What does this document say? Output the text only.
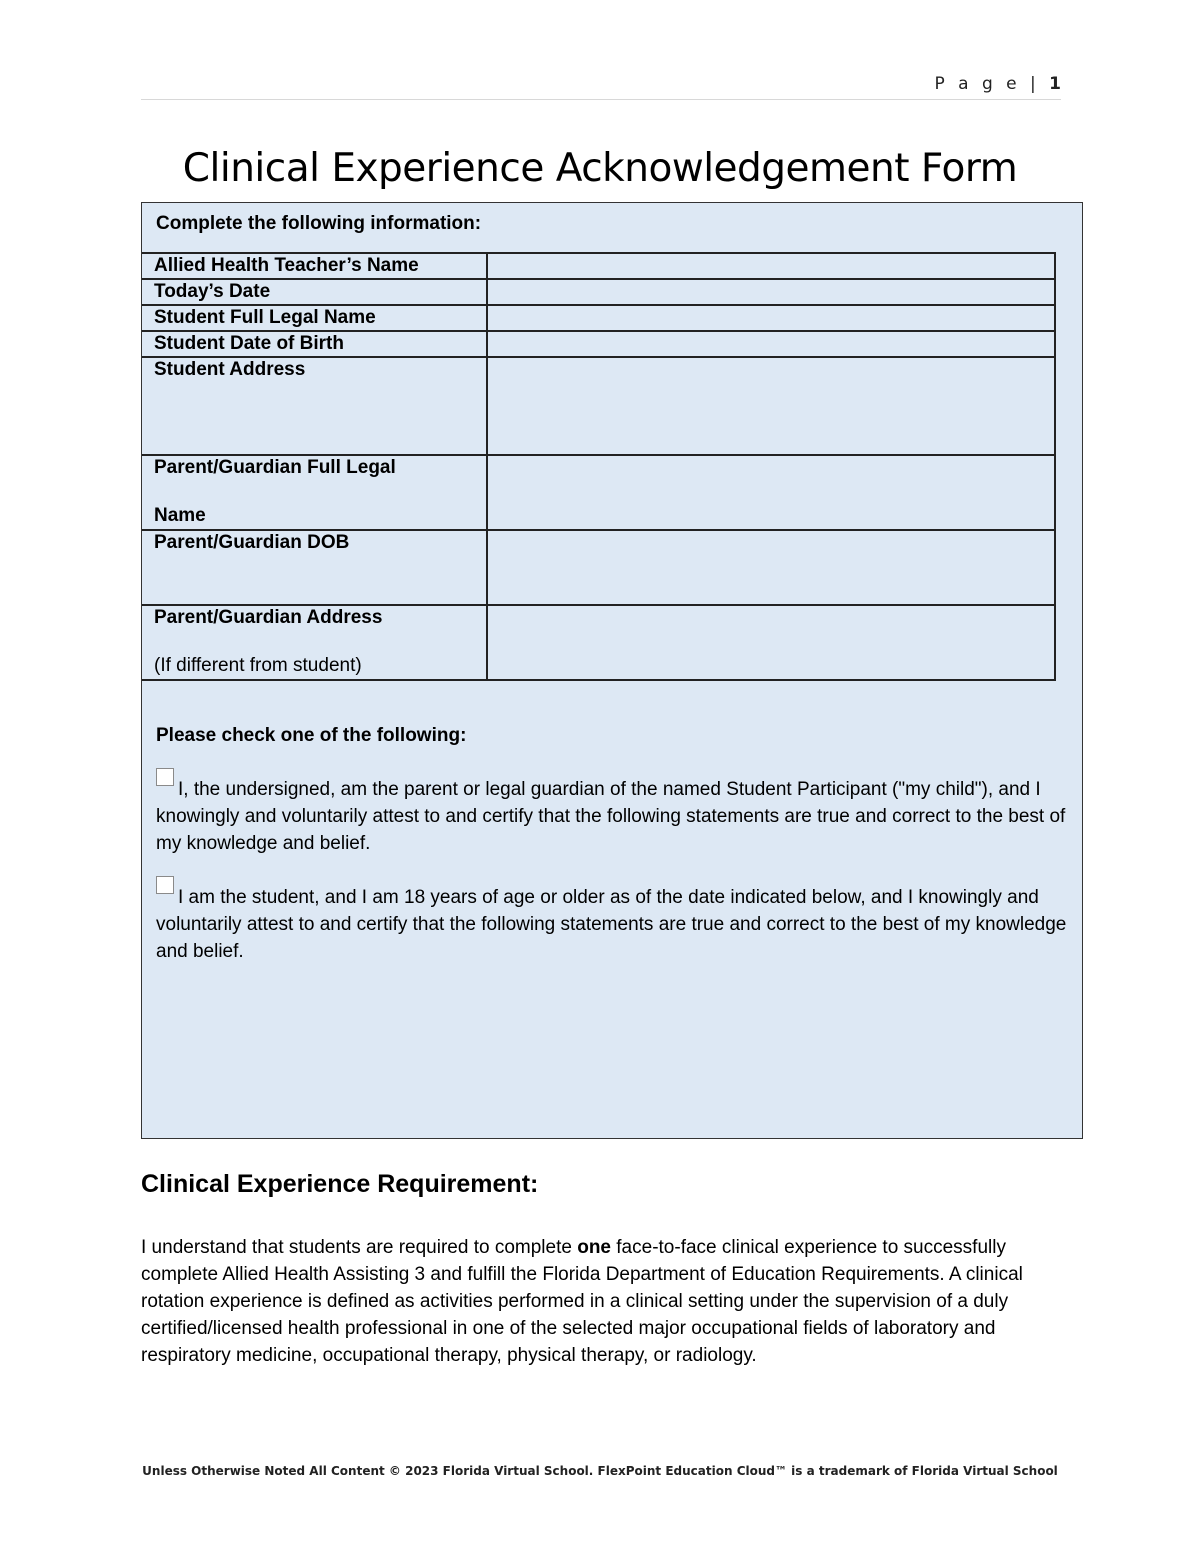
P a g e | 1
Clinical Experience Acknowledgement Form
Complete the following information:
Allied Health Teacher’s Name	
Today’s Date	
Student Full Legal Name	
Student Date of Birth	
Student Address	

Parent/Guardian Full Legal
Name	

Parent/Guardian DOB	

Parent/Guardian Address
(If different from student)	

Please check one of the following:
I, the undersigned, am the parent or legal guardian of the named Student Participant ("my child"), and I knowingly and voluntarily attest to and certify that the following statements are true and correct to the best of my knowledge and belief.
I am the student, and I am 18 years of age or older as of the date indicated below, and I knowingly and voluntarily attest to and certify that the following statements are true and correct to the best of my knowledge and belief.
Clinical Experience Requirement:
I understand that students are required to complete one face-to-face clinical experience to successfully complete Allied Health Assisting 3 and fulfill the Florida Department of Education Requirements. A clinical rotation experience is defined as activities performed in a clinical setting under the supervision of a duly certified/licensed health professional in one of the selected major occupational fields of laboratory and respiratory medicine, occupational therapy, physical therapy, or radiology.
Unless Otherwise Noted All Content © 2023 Florida Virtual School. FlexPoint Education Cloud™ is a trademark of Florida Virtual School
